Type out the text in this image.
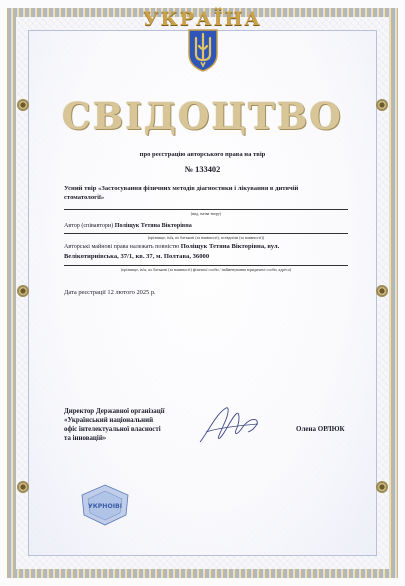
УКРАЇНА
СВІДОЦТВО
про реєстрацію авторського права на твір
№ 133402
Усний твір «Застосування фізичних методів діагностики і лікування в дитячій
стоматології»
(вид, назва твору)
Автор (співавтори) Поліщук Тетяна Вікторівна
(прізвище, ім'я, по батькові (за наявності), псевдонім (за наявності))
Авторські майнові права належать повністю Поліщук Тетяна Вікторівна, вул.
Велікотирнівська, 37/1, кв. 37, м. Полтава, 36000
(прізвище, ім'я, по батькові (за наявності) фізичної особи / найменування юридичної особи, адреса)
Дата реєстрації 12 лютого 2025 р.
Директор Державної організації
«Український національний
офіс інтелектуальної власності
та інновацій»
Олена ОРЛЮК
УКРНОІВІ
